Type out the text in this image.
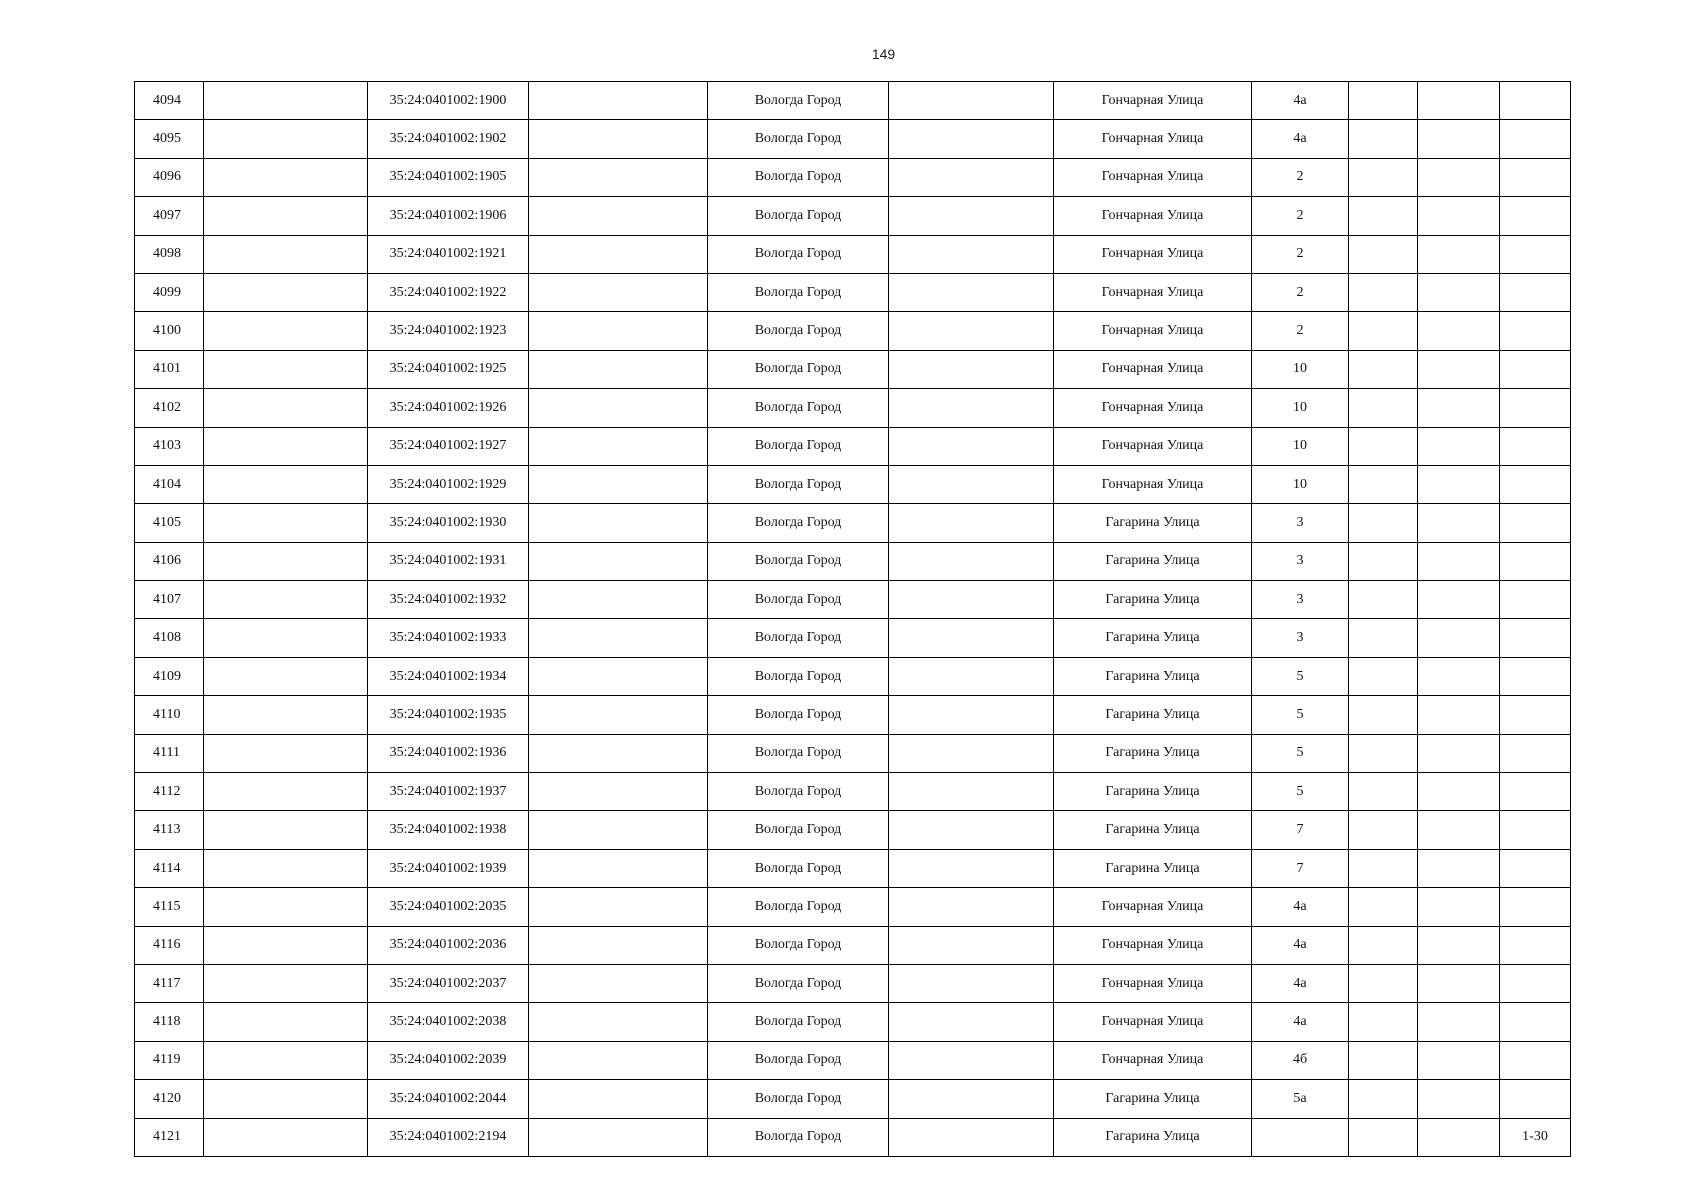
149
4094		35:24:0401002:1900		Вологда Город		Гончарная Улица	4а			
4095		35:24:0401002:1902		Вологда Город		Гончарная Улица	4а			
4096		35:24:0401002:1905		Вологда Город		Гончарная Улица	2			
4097		35:24:0401002:1906		Вологда Город		Гончарная Улица	2			
4098		35:24:0401002:1921		Вологда Город		Гончарная Улица	2			
4099		35:24:0401002:1922		Вологда Город		Гончарная Улица	2			
4100		35:24:0401002:1923		Вологда Город		Гончарная Улица	2			
4101		35:24:0401002:1925		Вологда Город		Гончарная Улица	10			
4102		35:24:0401002:1926		Вологда Город		Гончарная Улица	10			
4103		35:24:0401002:1927		Вологда Город		Гончарная Улица	10			
4104		35:24:0401002:1929		Вологда Город		Гончарная Улица	10			
4105		35:24:0401002:1930		Вологда Город		Гагарина Улица	3			
4106		35:24:0401002:1931		Вологда Город		Гагарина Улица	3			
4107		35:24:0401002:1932		Вологда Город		Гагарина Улица	3			
4108		35:24:0401002:1933		Вологда Город		Гагарина Улица	3			
4109		35:24:0401002:1934		Вологда Город		Гагарина Улица	5			
4110		35:24:0401002:1935		Вологда Город		Гагарина Улица	5			
4111		35:24:0401002:1936		Вологда Город		Гагарина Улица	5			
4112		35:24:0401002:1937		Вологда Город		Гагарина Улица	5			
4113		35:24:0401002:1938		Вологда Город		Гагарина Улица	7			
4114		35:24:0401002:1939		Вологда Город		Гагарина Улица	7			
4115		35:24:0401002:2035		Вологда Город		Гончарная Улица	4а			
4116		35:24:0401002:2036		Вологда Город		Гончарная Улица	4а			
4117		35:24:0401002:2037		Вологда Город		Гончарная Улица	4а			
4118		35:24:0401002:2038		Вологда Город		Гончарная Улица	4а			
4119		35:24:0401002:2039		Вологда Город		Гончарная Улица	4б			
4120		35:24:0401002:2044		Вологда Город		Гагарина Улица	5а			
4121		35:24:0401002:2194		Вологда Город		Гагарина Улица				1-30
